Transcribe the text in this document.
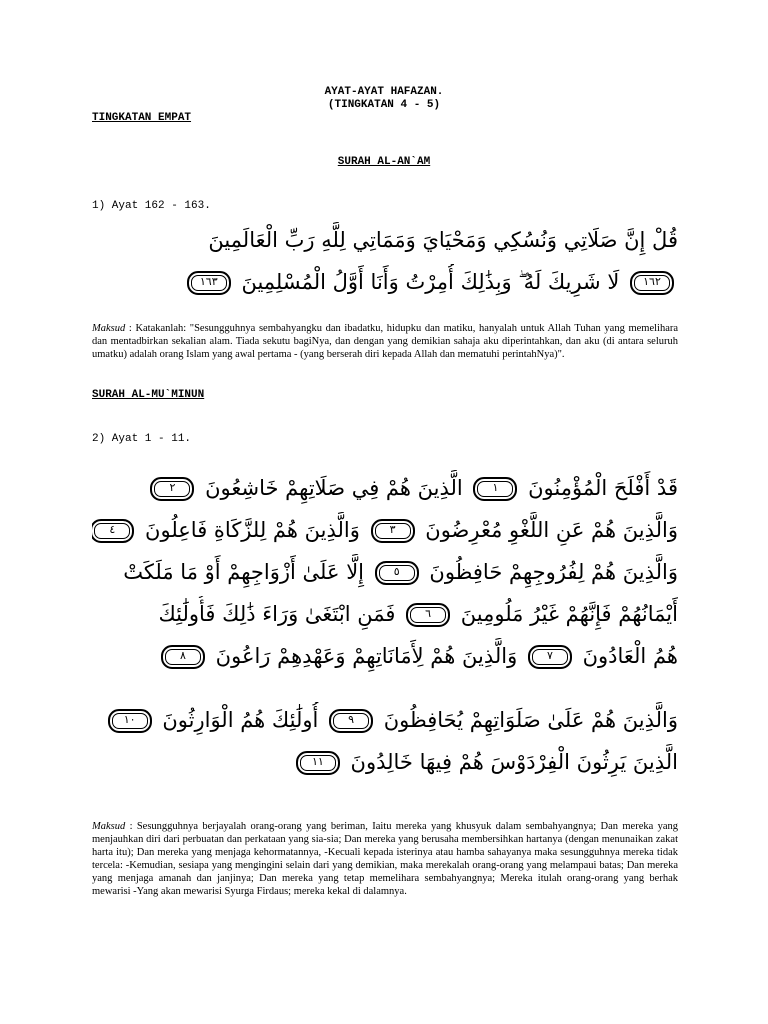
AYAT-AYAT HAFAZAN.
(TINGKATAN 4 - 5)
TINGKATAN EMPAT
SURAH AL-AN`AM
1) Ayat 162 - 163.
قُلْ إِنَّ صَلَاتِي وَنُسُكِي وَمَحْيَايَ وَمَمَاتِي لِلَّهِ رَبِّ الْعَالَمِينَ
١٦٢ لَا شَرِيكَ لَهُ ۖ وَبِذَٰلِكَ أُمِرْتُ وَأَنَا أَوَّلُ الْمُسْلِمِينَ ١٦٣
Maksud : Katakanlah: "Sesungguhnya sembahyangku dan ibadatku, hidupku dan matiku, hanyalah untuk Allah Tuhan yang memelihara dan mentadbirkan sekalian alam. Tiada sekutu bagiNya, dan dengan yang demikian sahaja aku diperintahkan, dan aku (di antara seluruh umatku) adalah orang Islam yang awal pertama - (yang berserah diri kepada Allah dan mematuhi perintahNya)".
SURAH AL-MU`MINUN
2) Ayat 1 - 11.
قَدْ أَفْلَحَ الْمُؤْمِنُونَ ١ الَّذِينَ هُمْ فِي صَلَاتِهِمْ خَاشِعُونَ ٢
وَالَّذِينَ هُمْ عَنِ اللَّغْوِ مُعْرِضُونَ ٣ وَالَّذِينَ هُمْ لِلزَّكَاةِ فَاعِلُونَ ٤
وَالَّذِينَ هُمْ لِفُرُوجِهِمْ حَافِظُونَ ٥ إِلَّا عَلَىٰ أَزْوَاجِهِمْ أَوْ مَا مَلَكَتْ
أَيْمَانُهُمْ فَإِنَّهُمْ غَيْرُ مَلُومِينَ ٦ فَمَنِ ابْتَغَىٰ وَرَاءَ ذَٰلِكَ فَأُولَٰئِكَ
هُمُ الْعَادُونَ ٧ وَالَّذِينَ هُمْ لِأَمَانَاتِهِمْ وَعَهْدِهِمْ رَاعُونَ ٨
وَالَّذِينَ هُمْ عَلَىٰ صَلَوَاتِهِمْ يُحَافِظُونَ ٩ أُولَٰئِكَ هُمُ الْوَارِثُونَ ١٠
الَّذِينَ يَرِثُونَ الْفِرْدَوْسَ هُمْ فِيهَا خَالِدُونَ ١١
Maksud : Sesungguhnya berjayalah orang-orang yang beriman, Iaitu mereka yang khusyuk dalam sembahyangnya; Dan mereka yang menjauhkan diri dari perbuatan dan perkataan yang sia-sia; Dan mereka yang berusaha membersihkan hartanya (dengan menunaikan zakat harta itu); Dan mereka yang menjaga kehormatannya, -Kecuali kepada isterinya atau hamba sahayanya maka sesungguhnya mereka tidak tercela: -Kemudian, sesiapa yang mengingini selain dari yang demikian, maka merekalah orang-orang yang melampaui batas; Dan mereka yang menjaga amanah dan janjinya; Dan mereka yang tetap memelihara sembahyangnya; Mereka itulah orang-orang yang berhak mewarisi -Yang akan mewarisi Syurga Firdaus; mereka kekal di dalamnya.
